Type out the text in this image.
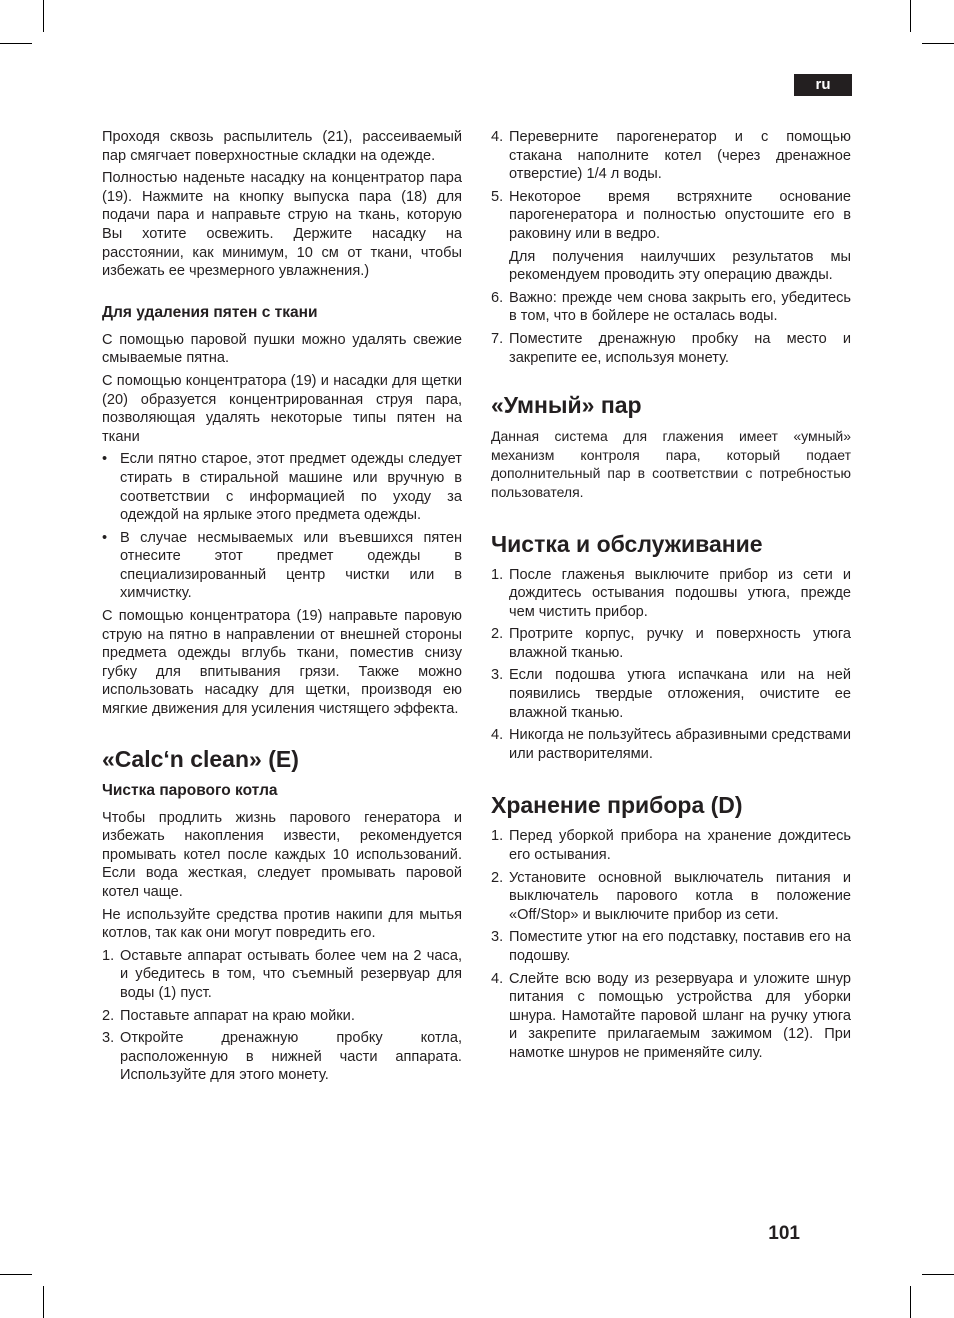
ru

Проходя сквозь распылитель (21), рассеиваемый пар смягчает поверхностные складки на одежде.

Полностью наденьте насадку на концентратор пара (19). Нажмите на кнопку выпуска пара (18) для подачи пара и направьте струю на ткань, которую Вы хотите освежить. Держите насадку на расстоянии, как минимум, 10 см от ткани, чтобы избежать ее чрезмерного увлажнения.)

Для удаления пятен с ткани

С помощью паровой пушки можно удалять свежие смываемые пятна.

С помощью концентратора (19) и насадки для щетки (20) образуется концентрированная струя пара, позволяющая удалять некоторые типы пятен на ткани

• Если пятно старое, этот предмет одежды следует стирать в стиральной машине или вручную в соответствии с информацией по уходу за одеждой на ярлыке этого предмета одежды.
• В случае несмываемых или въевшихся пятен отнесите этот предмет одежды в специализированный центр чистки или в химчистку.

С помощью концентратора (19) направьте паровую струю на пятно в направлении от внешней стороны предмета одежды вглубь ткани, поместив снизу губку для впитывания грязи. Также можно использовать насадку для щетки, производя ею мягкие движения для усиления чистящего эффекта.

«Calc‘n clean» (E)
Чистка парового котла

Чтобы продлить жизнь парового генератора и избежать накопления извести, рекомендуется промывать котел после каждых 10 использований. Если вода жесткая, следует промывать паровой котел чаще.

Не используйте средства против накипи для мытья котлов, так как они могут повредить его.

1. Оставьте аппарат остывать более чем на 2 часа, и убедитесь в том, что съемный резервуар для воды (1) пуст.
2. Поставьте аппарат на краю мойки.
3. Откройте дренажную пробку котла, расположенную в нижней части аппарата. Используйте для этого монету.
4. Переверните парогенератор и с помощью стакана наполните котел (через дренажное отверстие) 1/4 л воды.
5. Некоторое время встряхните основание парогенератора и полностью опустошите его в раковину или в ведро.
Для получения наилучших результатов мы рекомендуем проводить эту операцию дважды.
6. Важно: прежде чем снова закрыть его, убедитесь в том, что в бойлере не осталась воды.
7. Поместите дренажную пробку на место и закрепите ее, используя монету.
«Умный» пар

Данная система для глажения имеет «умный» механизм контроля пара, который подает дополнительный пар в соответствии с потребностью пользователя.

Чистка и обслуживание
1. После глаженья выключите прибор из сети и дождитесь остывания подошвы утюга, прежде чем чистить прибор.
2. Протрите корпус, ручку и поверхность утюга влажной тканью.
3. Если подошва утюга испачкана или на ней появились твердые отложения, очистите ее влажной тканью.
4. Никогда не пользуйтесь абразивными средствами или растворителями.
Хранение прибора (D)
1. Перед уборкой прибора на хранение дождитесь его остывания.
2. Установите основной выключатель питания и выключатель парового котла в положение «Off/Stop» и выключите прибор из сети.
3. Поместите утюг на его подставку, поставив его на подошву.
4. Слейте всю воду из резервуара и уложите шнур питания с помощью устройства для уборки шнура. Намотайте паровой шланг на ручку утюга и закрепите прилагаемым зажимом (12). При намотке шнуров не применяйте силу.
101
